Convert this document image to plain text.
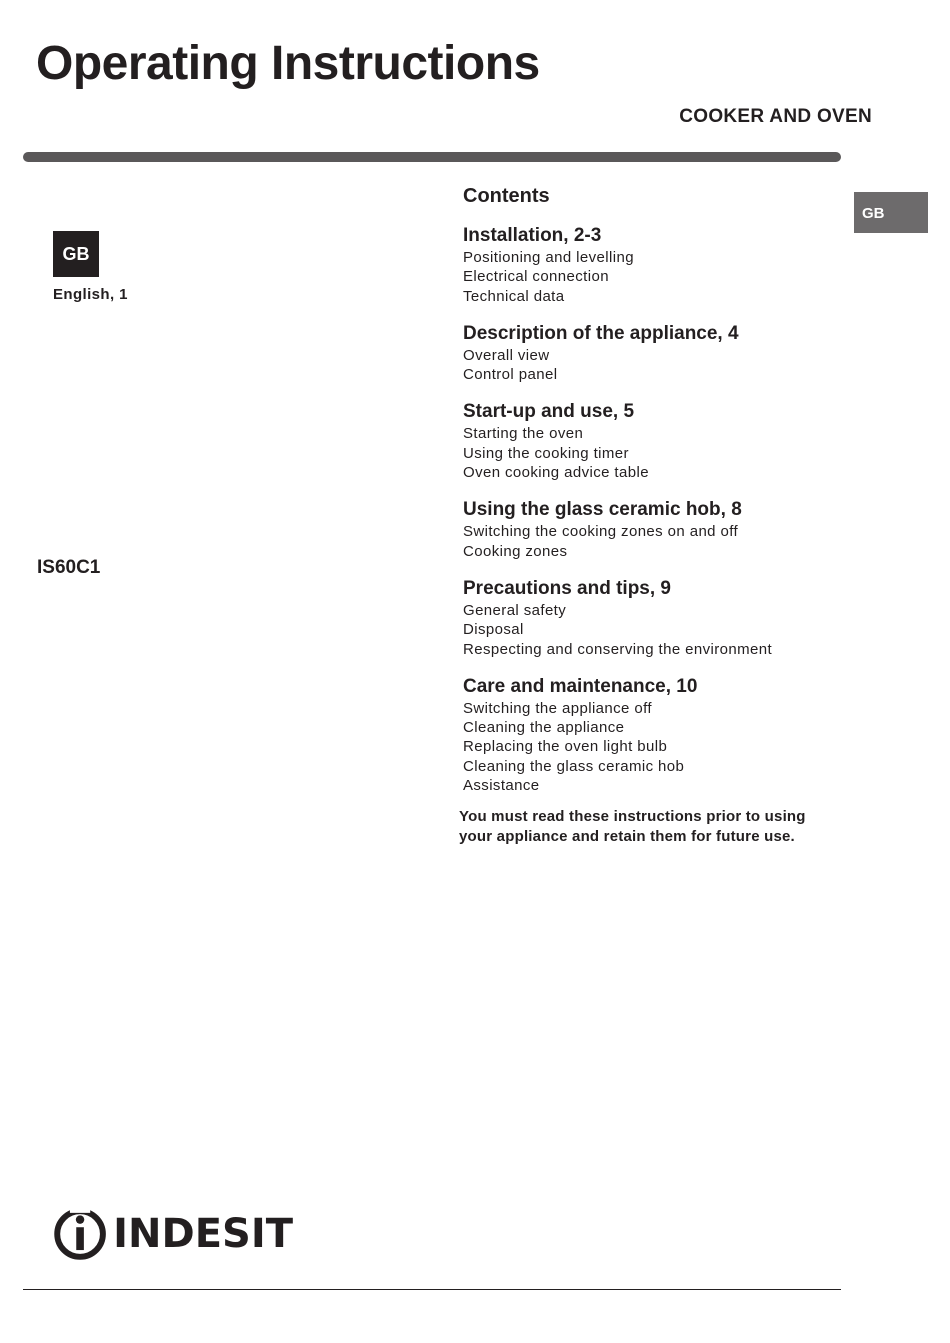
Operating Instructions
COOKER AND OVEN
GB
GB
English, 1
IS60C1
Contents
Installation, 2-3
Positioning and levelling
Electrical connection
Technical data
Description of the appliance, 4
Overall view
Control panel
Start-up and use, 5
Starting the oven
Using the cooking timer
Oven cooking advice table
Using the glass ceramic hob, 8
Switching the cooking zones on and off
Cooking zones
Precautions and tips, 9
General safety
Disposal
Respecting and conserving the environment
Care and maintenance, 10
Switching the appliance off
Cleaning the appliance
Replacing the oven light bulb
Cleaning the glass ceramic hob
Assistance
You must read these instructions prior to using your appliance and retain them for future use.
INDESIT
